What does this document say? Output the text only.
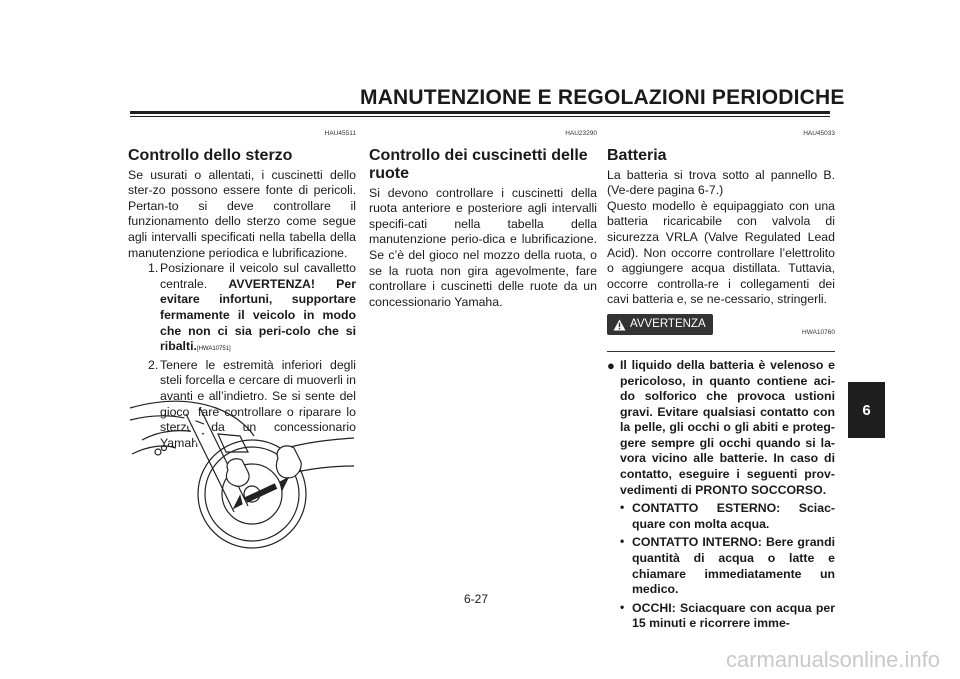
MANUTENZIONE E REGOLAZIONI PERIODICHE
HAU45511
Controllo dello sterzo

Se usurati o allentati, i cuscinetti dello ster-zo possono essere fonte di pericoli. Pertan-to si deve controllare il funzionamento dello sterzo come segue agli intervalli specificati nella tabella della manutenzione periodica e lubrificazione.

1. Posizionare il veicolo sul cavalletto centrale. AVVERTENZA! Per evitare infortuni, supportare fermamente il veicolo in modo che non ci sia peri-colo che si ribalti.[HWA10751]

2. Tenere le estremità inferiori degli steli forcella e cercare di muoverli in avanti e all’indietro. Se si sente del gioco, fare controllare o riparare lo sterzo da un concessionario Yamaha.

HAU23290
Controllo dei cuscinetti delle ruote

Si devono controllare i cuscinetti della ruota anteriore e posteriore agli intervalli specifi-cati nella tabella della manutenzione perio-dica e lubrificazione. Se c’è del gioco nel mozzo della ruota, o se la ruota non gira agevolmente, fare controllare i cuscinetti delle ruote da un concessionario Yamaha.

HAU45033
Batteria

La batteria si trova sotto al pannello B. (Ve-dere pagina 6-7.)

Questo modello è equipaggiato con una batteria ricaricabile con valvola di sicurezza VRLA (Valve Regulated Lead Acid). Non occorre controllare l’elettrolito o aggiungere acqua distillata. Tuttavia, occorre controlla-re i collegamenti dei cavi batteria e, se ne-cessario, stringerli.

AVVERTENZA
HWA10760

● Il liquido della batteria è velenoso e pericoloso, in quanto contiene aci-do solforico che provoca ustioni gravi. Evitare qualsiasi contatto con la pelle, gli occhi o gli abiti e proteg-gere sempre gli occhi quando si la-vora vicino alle batterie. In caso di contatto, eseguire i seguenti prov-vedimenti di PRONTO SOCCORSO.

• CONTATTO ESTERNO: Sciac-quare con molta acqua.

• CONTATTO INTERNO: Bere grandi quantità di acqua o latte e chiamare immediatamente un medico.

• OCCHI: Sciacquare con acqua per 15 minuti e ricorrere imme-

6
6-27
carmanualsonline.info
